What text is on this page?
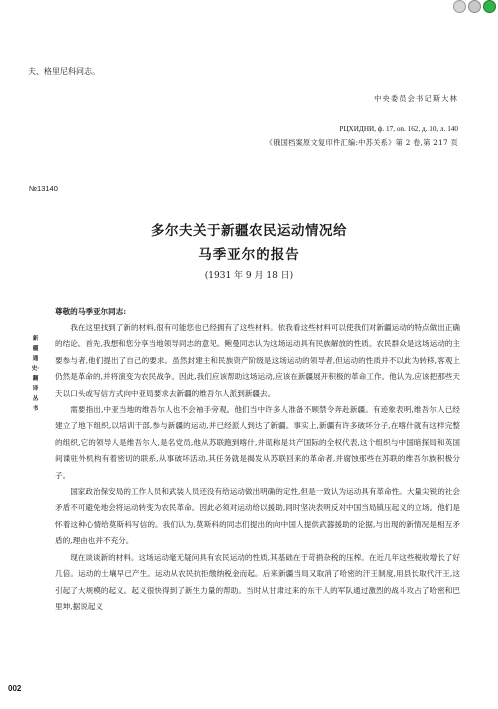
夫、格里尼科同志。
中央委员会书记斯大林
РЦХИДНИ, ф. 17, on. 162, д. 10, л. 140
《俄国档案原文复印件汇编:中苏关系》第 2 卷,第 217 页
№13140
多尔夫关于新疆农民运动情况给
马季亚尔的报告
(1931 年 9 月 18 日)
尊敬的马季亚尔同志:
新疆通史·翻译丛书

我在这里找到了新的材料,很有可能您也已经拥有了这些材料。依我看这些材料可以使我们对新疆运动的特点做出正确的结论。首先,我想和您分享当地领导同志的意见。鲍曼同志认为这场运动具有民族解放的性质。农民群众是这场运动的主要参与者,他们提出了自己的要求。虽然封建主和民族资产阶级是这场运动的领导者,但运动的性质并不以此为转移,客观上仍然是革命的,并将演变为农民战争。因此,我们应该帮助这场运动,应该在新疆展开积极的革命工作。他认为,应该把那些天天以口头或写信方式向中亚局要求去新疆的维吾尔人派到新疆去。

需要指出,中亚当地的维吾尔人也不会袖手旁观。他们当中许多人准备不顾禁令奔赴新疆。有迹象表明,维吾尔人已经建立了地下组织,以培训干部,参与新疆的运动,并已经派人到达了新疆。事实上,新疆有许多破坏分子,在喀什就有这样完整的组织,它的领导人是维吾尔人,是名党员,他从苏联跑到喀什,并谎称是共产国际的全权代表,这个组织与中国暗探局和英国间谍驻外机构有着密切的联系,从事破坏活动,其任务就是揭发从苏联回来的革命者,并腐蚀那些在苏联的维吾尔族积极分子。

国家政治保安局的工作人员和武装人员还没有给运动做出明确的定性,但是一致认为运动具有革命性。大量尖锐的社会矛盾不可避免地会将运动转变为农民革命。因此必须对运动给以援助,同时坚决表明反对中国当局镇压起义的立场。他们是怀着这种心情给莫斯科写信的。我们认为,莫斯科的同志们提出的向中国人提供武器援助的论据,与出现的新情况是相互矛盾的,理由也并不充分。

现在谈谈新的材料。这场运动毫无疑问具有农民运动的性质,其基础在于苛捐杂税的压榨。在近几年这些税收增长了好几倍。运动的土壤早已产生。运动从农民抗拒缴纳税金而起。后来新疆当局又取消了哈密的汗王制度,用县长取代汗王,这引起了大规模的起义。起义很快得到了新生力量的帮助。当时从甘肃过来的东干人的军队通过激烈的战斗攻占了哈密和巴里坤,据说起义

002
